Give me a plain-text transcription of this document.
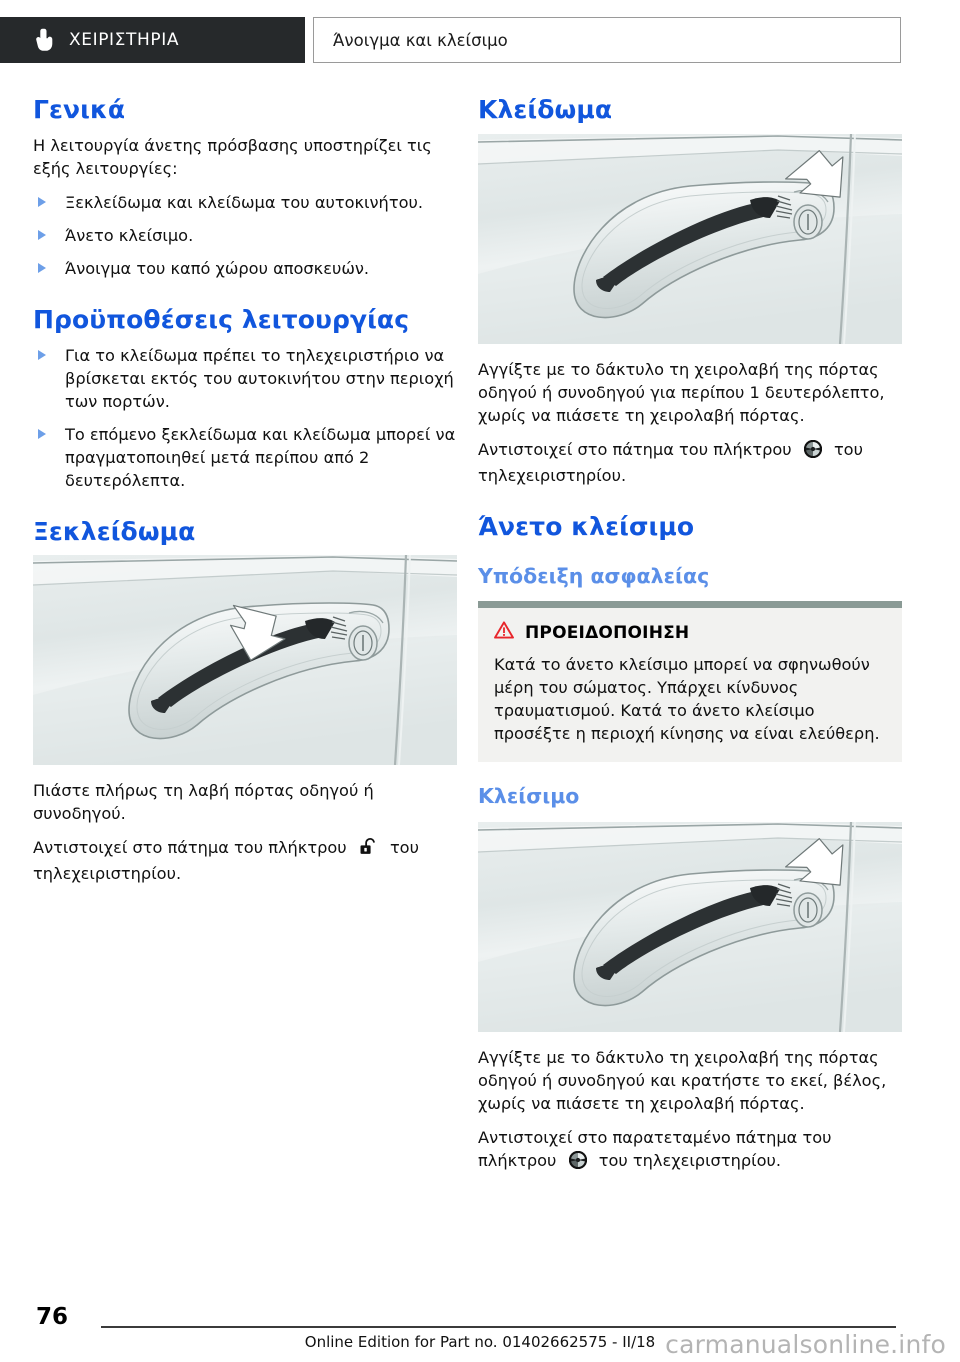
ΧΕΙΡΙΣΤΗΡΙΑ	Άνοιγμα και κλείσιμο
Γενικά

Η λειτουργία άνετης πρόσβασης υποστηρίζει τις εξής λειτουργίες:

Ξεκλείδωμα και κλείδωμα του αυτοκινήτου.
Άνετο κλείσιμο.
Άνοιγμα του καπό χώρου αποσκευών.
Προϋποθέσεις λειτουργίας
Για το κλείδωμα πρέπει το τηλεχειριστήριο να βρίσκεται εκτός του αυτοκινήτου στην περιοχή των πορτών.
Το επόμενο ξεκλείδωμα και κλείδωμα μπορεί να πραγματοποιηθεί μετά περίπου από 2 δευτερόλεπτα.
Ξεκλείδωμα

Πιάστε πλήρως τη λαβή πόρτας οδηγού ή συνοδηγού.

Αντιστοιχεί στο πάτημα του πλήκτρου	του τηλεχειριστηρίου.

Κλείδωμα

Αγγίξτε με το δάκτυλο τη χειρολαβή της πόρτας οδηγού ή συνοδηγού για περίπου 1 δευτερόλεπτο, χωρίς να πιάσετε τη χειρολαβή πόρτας.

Αντιστοιχεί στο πάτημα του πλήκτρου	του τηλεχειριστηρίου.

Άνετο κλείσιμο
Υπόδειξη ασφαλείας
ΠΡΟΕΙΔΟΠΟΙΗΣΗ

Κατά το άνετο κλείσιμο μπορεί να σφηνωθούν μέρη του σώματος. Υπάρχει κίνδυνος τραυματισμού. Κατά το άνετο κλείσιμο προσέξτε η περιοχή κίνησης να είναι ελεύθερη.

Κλείσιμο

Αγγίξτε με το δάκτυλο τη χειρολαβή της πόρτας οδηγού ή συνοδηγού και κρατήστε το εκεί, βέλος, χωρίς να πιάσετε τη χειρολαβή πόρτας.

Αντιστοιχεί στο παρατεταμένο πάτημα του πλήκτρου	του τηλεχειριστηρίου.

76
Online Edition for Part no. 01402662575 - II/18 carmanualsonline.info
